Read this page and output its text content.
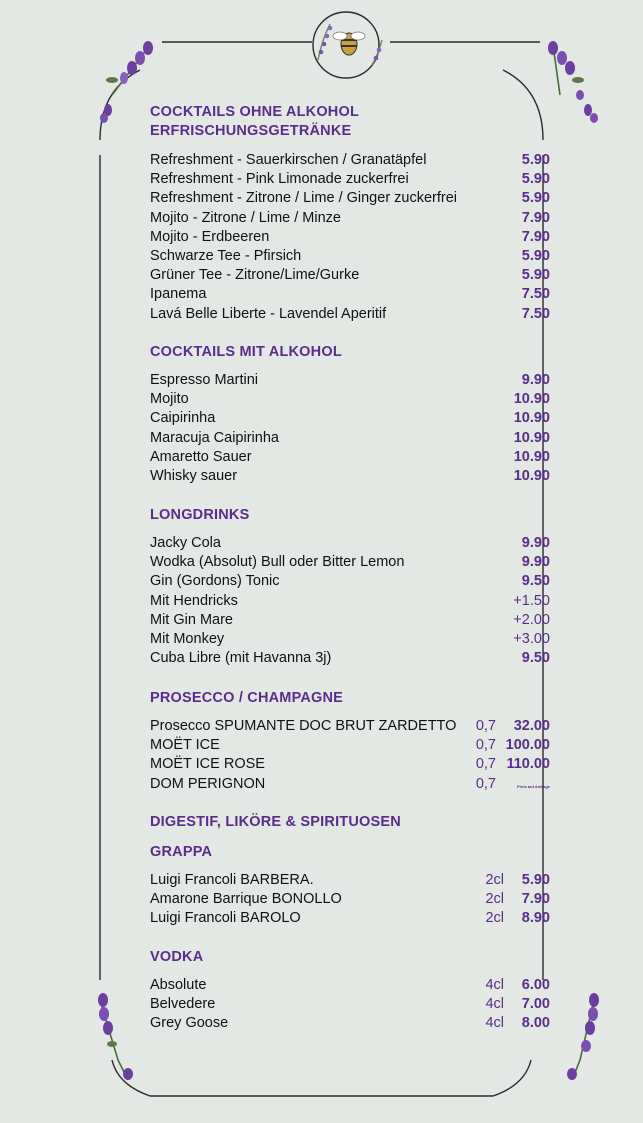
COCKTAILS OHNE ALKOHOL
ERFRISCHUNGSGETRÄNKE
Refreshment - Sauerkirschen / Granatäpfel	5.90
Refreshment - Pink Limonade zuckerfrei	5.90
Refreshment - Zitrone / Lime / Ginger zuckerfrei	5.90
Mojito - Zitrone / Lime / Minze	7.90
Mojito - Erdbeeren	7.90
Schwarze Tee - Pfirsich	5.90
Grüner Tee - Zitrone/Lime/Gurke	5.90
Ipanema	7.50
Lavá Belle Liberte - Lavendel Aperitif	7.50
COCKTAILS MIT ALKOHOL
Espresso Martini	9.90
Mojito	10.90
Caipirinha	10.90
Maracuja Caipirinha	10.90
Amaretto Sauer	10.90
Whisky sauer	10.90
LONGDRINKS
Jacky Cola	9.90
Wodka (Absolut) Bull oder Bitter Lemon	9.90
Gin (Gordons) Tonic	9.50
Mit Hendricks	+1.50
Mit Gin Mare	+2.00
Mit Monkey	+3.00
Cuba Libre (mit Havanna 3j)	9.50
PROSECCO / CHAMPAGNE
Prosecco SPUMANTE DOC BRUT ZARDETTO 0,7	32.00
MOËT ICE	0,7 100.00
MOËT ICE ROSE	0,7 110.00
DOM PERIGNON	0,7	Preis auf Anfrage
DIGESTIF, LIKÖRE & SPIRITUOSEN
GRAPPA
Luigi Francoli BARBERA.	2cl	5.90
Amarone Barrique BONOLLO	2cl	7.90
Luigi Francoli BAROLO	2cl	8.90
VODKA
Absolute	4cl	6.00
Belvedere	4cl	7.00
Grey Goose	4cl	8.00
